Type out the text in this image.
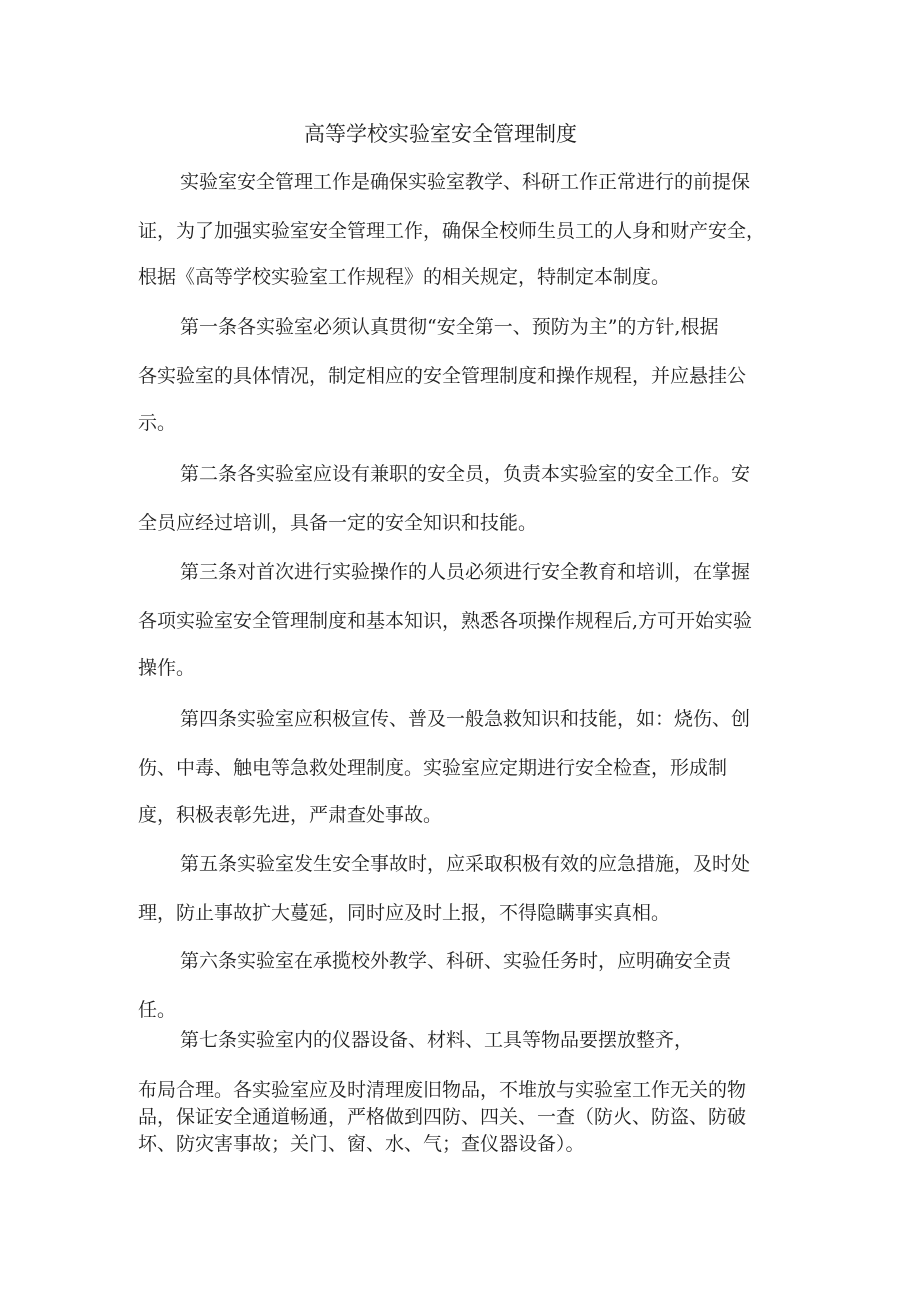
高等学校实验室安全管理制度
实验室安全管理工作是确保实验室教学、科研工作正常进行的前提保
证，为了加强实验室安全管理工作，确保全校师生员工的人身和财产安全，
根据《高等学校实验室工作规程》的相关规定，特制定本制度。
第一条各实验室必须认真贯彻“安全第一、预防为主”的方针,根据
各实验室的具体情况，制定相应的安全管理制度和操作规程，并应悬挂公
示。
第二条各实验室应设有兼职的安全员，负责本实验室的安全工作。安
全员应经过培训，具备一定的安全知识和技能。
第三条对首次进行实验操作的人员必须进行安全教育和培训，在掌握
各项实验室安全管理制度和基本知识，熟悉各项操作规程后,方可开始实验
操作。
第四条实验室应积极宣传、普及一般急救知识和技能，如：烧伤、创
伤、中毒、触电等急救处理制度。实验室应定期进行安全检查，形成制
度，积极表彰先进，严肃查处事故。
第五条实验室发生安全事故时，应采取积极有效的应急措施，及时处
理，防止事故扩大蔓延，同时应及时上报，不得隐瞒事实真相。
第六条实验室在承揽校外教学、科研、实验任务时，应明确安全责
任。
第七条实验室内的仪器设备、材料、工具等物品要摆放整齐，
布局合理。各实验室应及时清理废旧物品，不堆放与实验室工作无关的物
品，保证安全通道畅通，严格做到四防、四关、一查（防火、防盗、防破
坏、防灾害事故；关门、窗、水、气；查仪器设备）。
